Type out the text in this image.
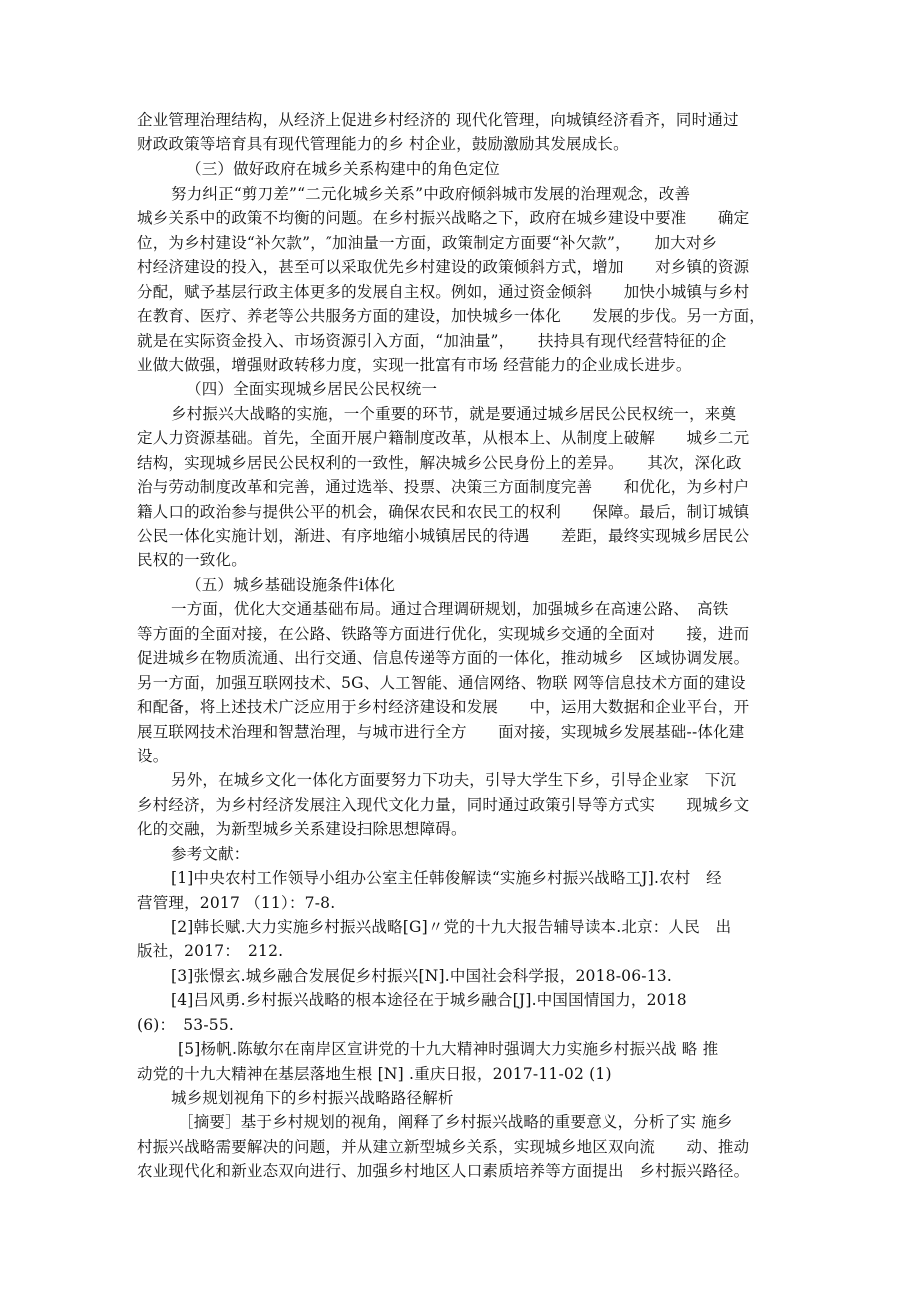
企业管理治理结构，从经济上促进乡村经济的 现代化管理，向城镇经济看齐，同时通过
财政政策等培育具有现代管理能力的乡 村企业，鼓励激励其发展成长。
（三）做好政府在城乡关系构建中的角色定位
努力纠正“剪刀差”“二元化城乡关系”中政府倾斜城市发展的治理观念，改善
城乡关系中的政策不均衡的问题。在乡村振兴战略之下，政府在城乡建设中要准　　确定
位，为乡村建设“补欠款”，″加油量一方面，政策制定方面要“补欠款”，　　加大对乡
村经济建设的投入，甚至可以采取优先乡村建设的政策倾斜方式，增加　　对乡镇的资源
分配，赋予基层行政主体更多的发展自主权。例如，通过资金倾斜　　加快小城镇与乡村
在教育、医疗、养老等公共服务方面的建设，加快城乡一体化　　发展的步伐。另一方面，
就是在实际资金投入、市场资源引入方面，“加油量”，　　扶持具有现代经营特征的企
业做大做强，增强财政转移力度，实现一批富有市场 经营能力的企业成长进步。
（四）全面实现城乡居民公民权统一
乡村振兴大战略的实施，一个重要的环节，就是要通过城乡居民公民权统一，来奠
定人力资源基础。首先，全面开展户籍制度改革，从根本上、从制度上破解　　城乡二元
结构，实现城乡居民公民权利的一致性，解决城乡公民身份上的差异。　　其次，深化政
治与劳动制度改革和完善，通过选举、投票、决策三方面制度完善　　和优化，为乡村户
籍人口的政治参与提供公平的机会，确保农民和农民工的权利　　保障。最后，制订城镇
公民一体化实施计划，渐进、有序地缩小城镇居民的待遇　　差距，最终实现城乡居民公
民权的一致化。
（五）城乡基础设施条件i体化
一方面，优化大交通基础布局。通过合理调研规划，加强城乡在高速公路、　高铁
等方面的全面对接，在公路、铁路等方面进行优化，实现城乡交通的全面对　　接，进而
促进城乡在物质流通、出行交通、信息传递等方面的一体化，推动城乡　区域协调发展。
另一方面，加强互联网技术、5G、人工智能、通信网络、物联 网等信息技术方面的建设
和配备，将上述技术广泛应用于乡村经济建设和发展　　中，运用大数据和企业平台，开
展互联网技术治理和智慧治理，与城市进行全方　　面对接，实现城乡发展基础--体化建
设。
另外，在城乡文化一体化方面要努力下功夫，引导大学生下乡，引导企业家　下沉
乡村经济，为乡村经济发展注入现代文化力量，同时通过政策引导等方式实　　现城乡文
化的交融，为新型城乡关系建设扫除思想障碍。
参考文献：
[1]中央农村工作领导小组办公室主任韩俊解读“实施乡村振兴战略工J].农村　经
营管理，2017 （11）：7-8.
[2]韩长赋.大力实施乡村振兴战略[G]〃党的十九大报告辅导读本.北京：人民　出
版社，2017：　212.
[3]张憬玄.城乡融合发展促乡村振兴[N].中国社会科学报，2018-06-13.
[4]吕风勇.乡村振兴战略的根本途径在于城乡融合[J].中国国情国力，2018
(6)：　53-55.
[5]杨帆.陈敏尔在南岸区宣讲党的十九大精神时强调大力实施乡村振兴战 略 推
动党的十九大精神在基层落地生根 [N] .重庆日报，2017-11-02 (1)
城乡规划视角下的乡村振兴战略路径解析
［摘要］基于乡村规划的视角，阐释了乡村振兴战略的重要意义，分析了实 施乡
村振兴战略需要解决的问题，并从建立新型城乡关系，实现城乡地区双向流　　动、推动
农业现代化和新业态双向进行、加强乡村地区人口素质培养等方面提出　乡村振兴路径。
